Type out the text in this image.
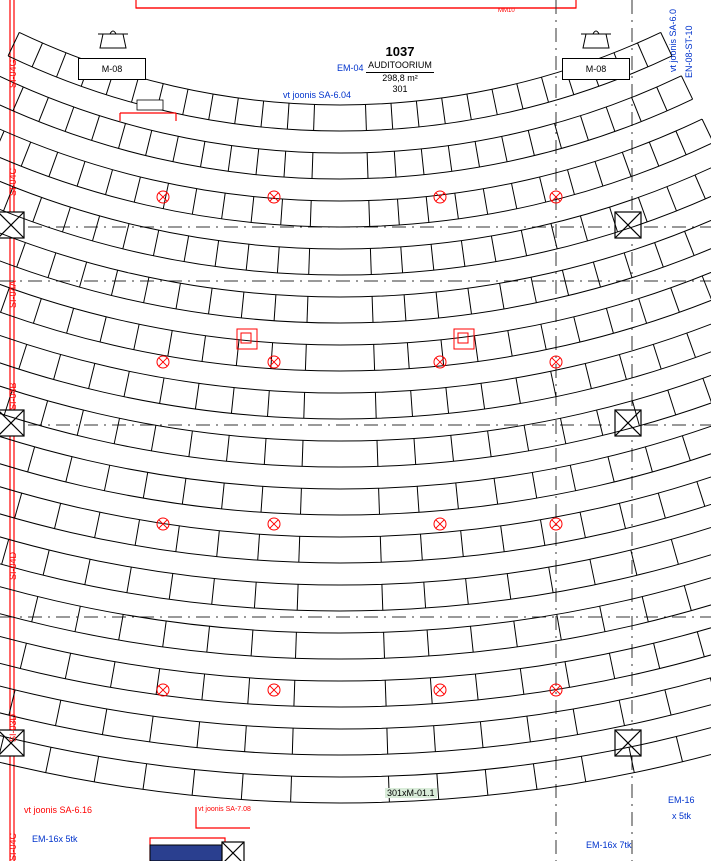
MM10
M-08	M-08
EM-04
1037
AUDITOORIUM
298,8 m²
301
vt joonis SA-6.04
SI-04G
SI-04C
SI-04A
SI-04B
SI-04D
SI-03D
SI-04C
vt joonis SA-6.0 EN-08-ST-10
vt joonis SA-6.16	vt joonis SA-7.08
EM-16x 5tk
EM-16x 7tk
EM-16
x 5tk
301xM-01.1
